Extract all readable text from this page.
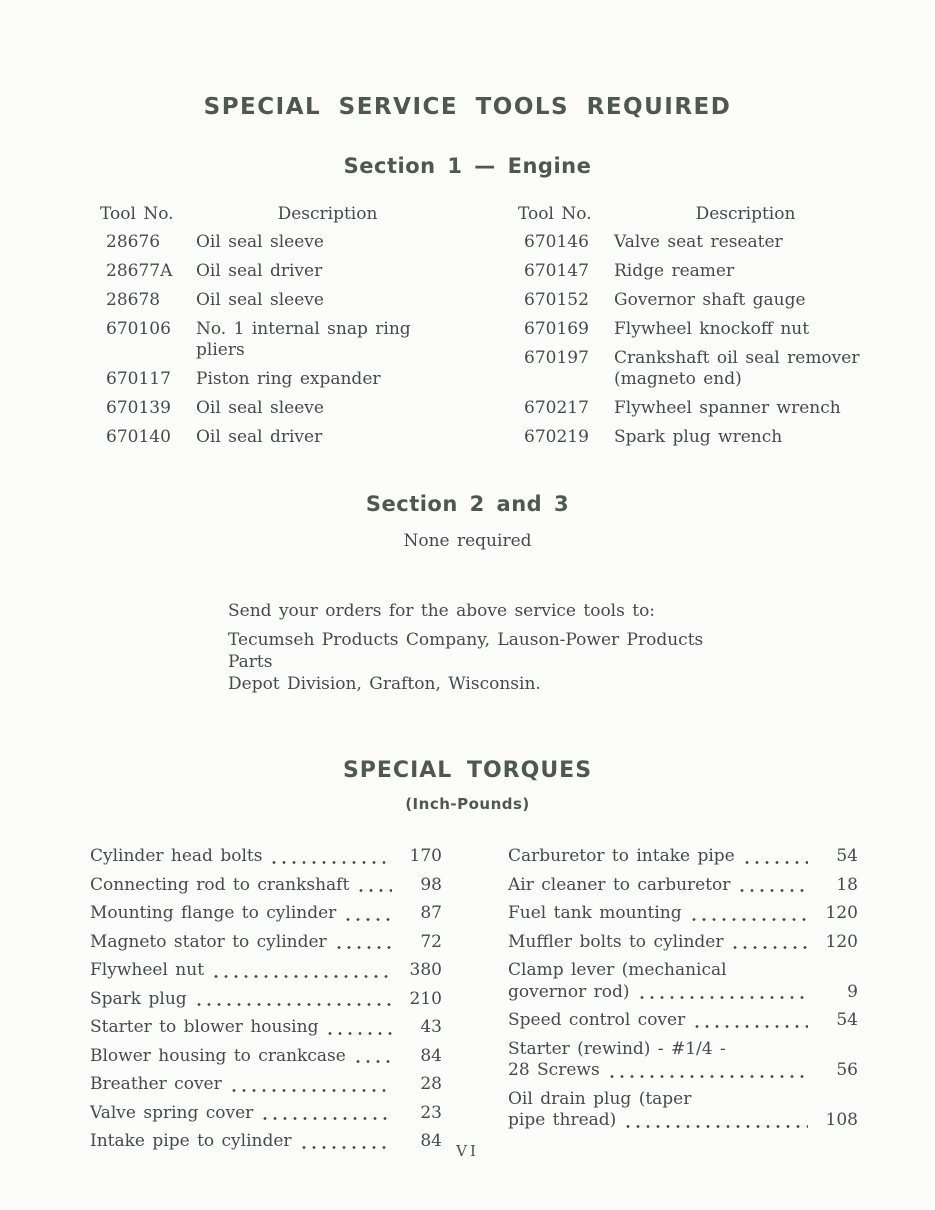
SPECIAL SERVICE TOOLS REQUIRED
Section 1 — Engine
Tool No.	Description
28676	Oil seal sleeve
28677A	Oil seal driver
28678	Oil seal sleeve
670106	No. 1 internal snap ring pliers
670117	Piston ring expander
670139	Oil seal sleeve
670140	Oil seal driver
Tool No.	Description
670146	Valve seat reseater
670147	Ridge reamer
670152	Governor shaft gauge
670169	Flywheel knockoff nut
670197	Crankshaft oil seal remover
(magneto end)
670217	Flywheel spanner wrench
670219	Spark plug wrench
Section 2 and 3
None required
Send your orders for the above service tools to:
Tecumseh Products Company, Lauson-Power Products Parts
Depot Division, Grafton, Wisconsin.
SPECIAL TORQUES
(Inch-Pounds)
Cylinder head bolts	170
Connecting rod to crankshaft	98
Mounting flange to cylinder	87
Magneto stator to cylinder	72
Flywheel nut	380
Spark plug	210
Starter to blower housing	43
Blower housing to crankcase	84
Breather cover	28
Valve spring cover	23
Intake pipe to cylinder	84
Carburetor to intake pipe	54
Air cleaner to carburetor	18
Fuel tank mounting	120
Muffler bolts to cylinder	120
Clamp lever (mechanical
governor rod)	9
Speed control cover	54
Starter (rewind) - #1/4 -
28 Screws	56
Oil drain plug (taper
pipe thread)	108
VI
